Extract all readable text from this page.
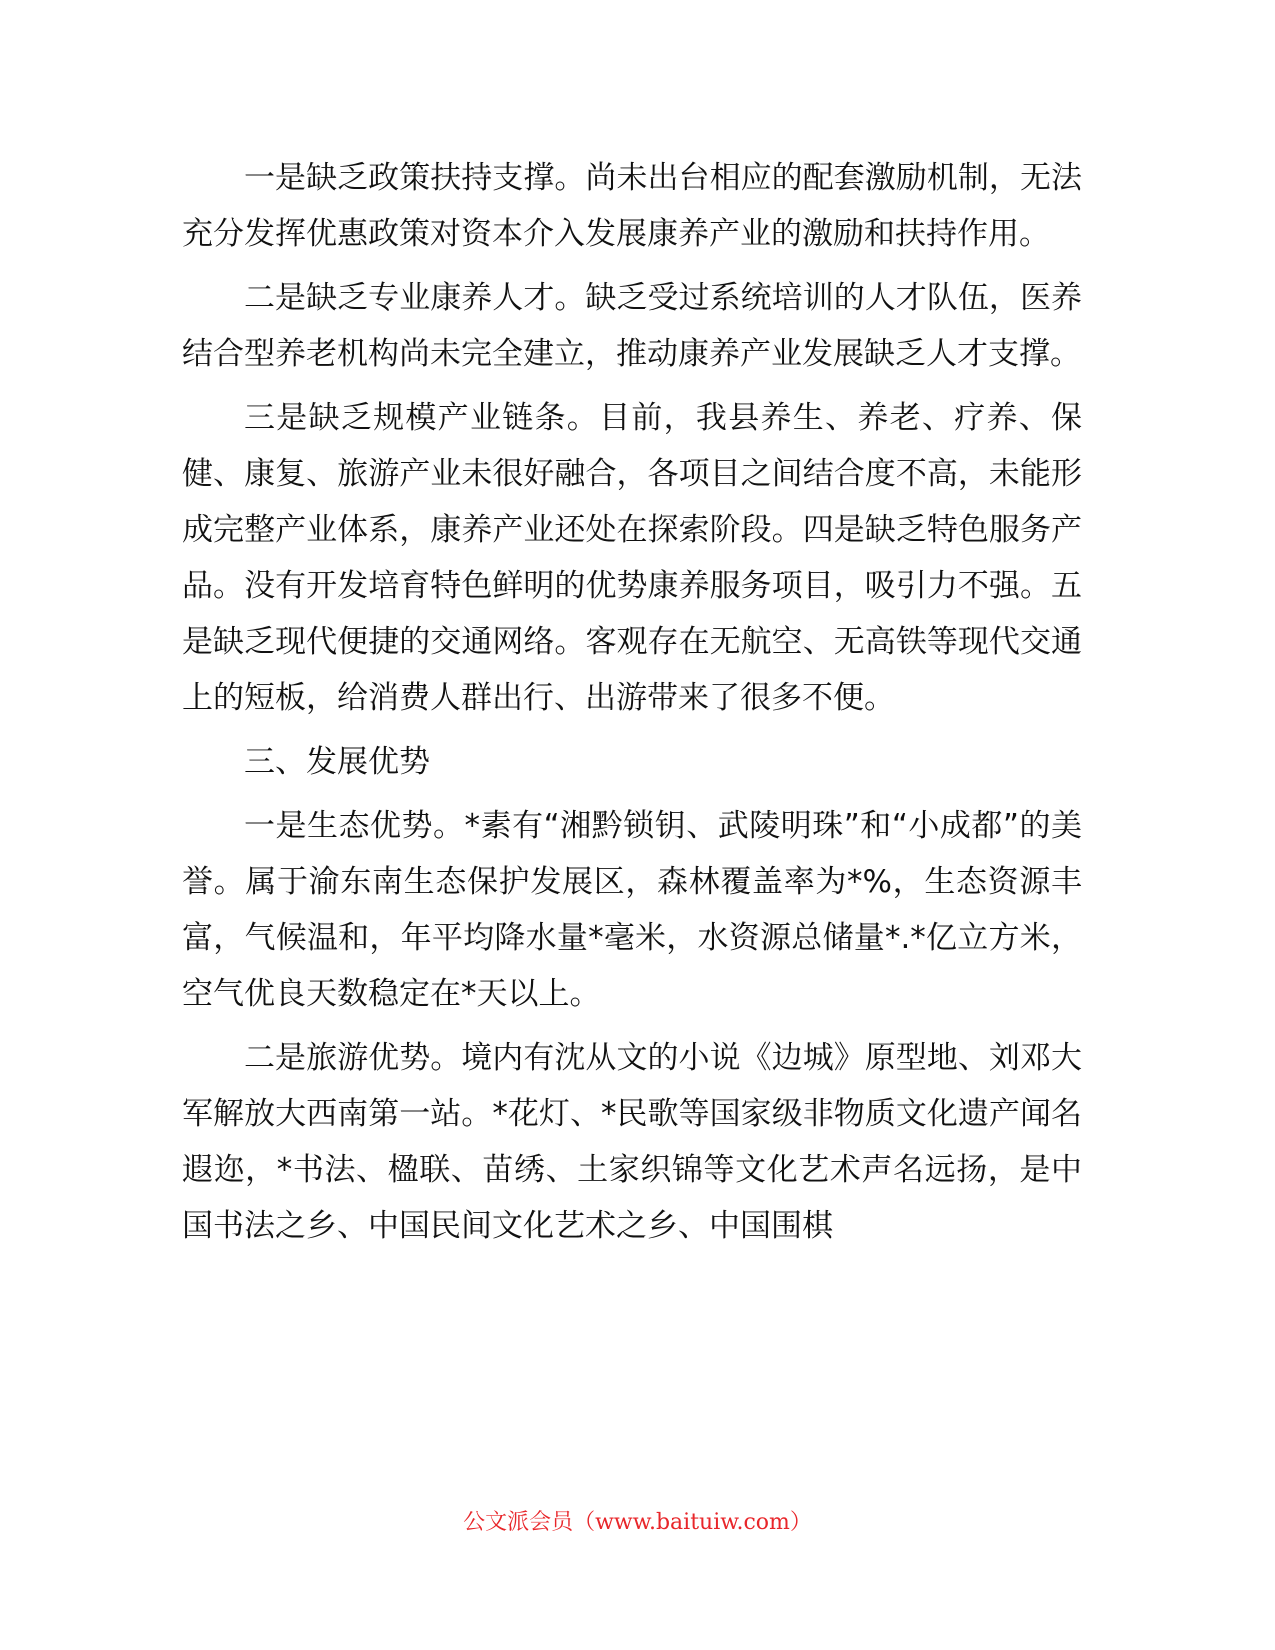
一是缺乏政策扶持支撑。尚未出台相应的配套激励机制，无法充分发挥优惠政策对资本介入发展康养产业的激励和扶持作用。

二是缺乏专业康养人才。缺乏受过系统培训的人才队伍，医养结合型养老机构尚未完全建立，推动康养产业发展缺乏人才支撑。

三是缺乏规模产业链条。目前，我县养生、养老、疗养、保健、康复、旅游产业未很好融合，各项目之间结合度不高，未能形成完整产业体系，康养产业还处在探索阶段。四是缺乏特色服务产品。没有开发培育特色鲜明的优势康养服务项目，吸引力不强。五是缺乏现代便捷的交通网络。客观存在无航空、无高铁等现代交通上的短板，给消费人群出行、出游带来了很多不便。

三、发展优势

一是生态优势。*素有“湘黔锁钥、武陵明珠”和“小成都”的美誉。属于渝东南生态保护发展区，森林覆盖率为*%，生态资源丰富，气候温和，年平均降水量*毫米，水资源总储量*.*亿立方米，空气优良天数稳定在*天以上。

二是旅游优势。境内有沈从文的小说《边城》原型地、刘邓大军解放大西南第一站。*花灯、*民歌等国家级非物质文化遗产闻名遐迩，*书法、楹联、苗绣、土家织锦等文化艺术声名远扬，是中国书法之乡、中国民间文化艺术之乡、中国围棋

公文派会员（www.baituiw.com）
